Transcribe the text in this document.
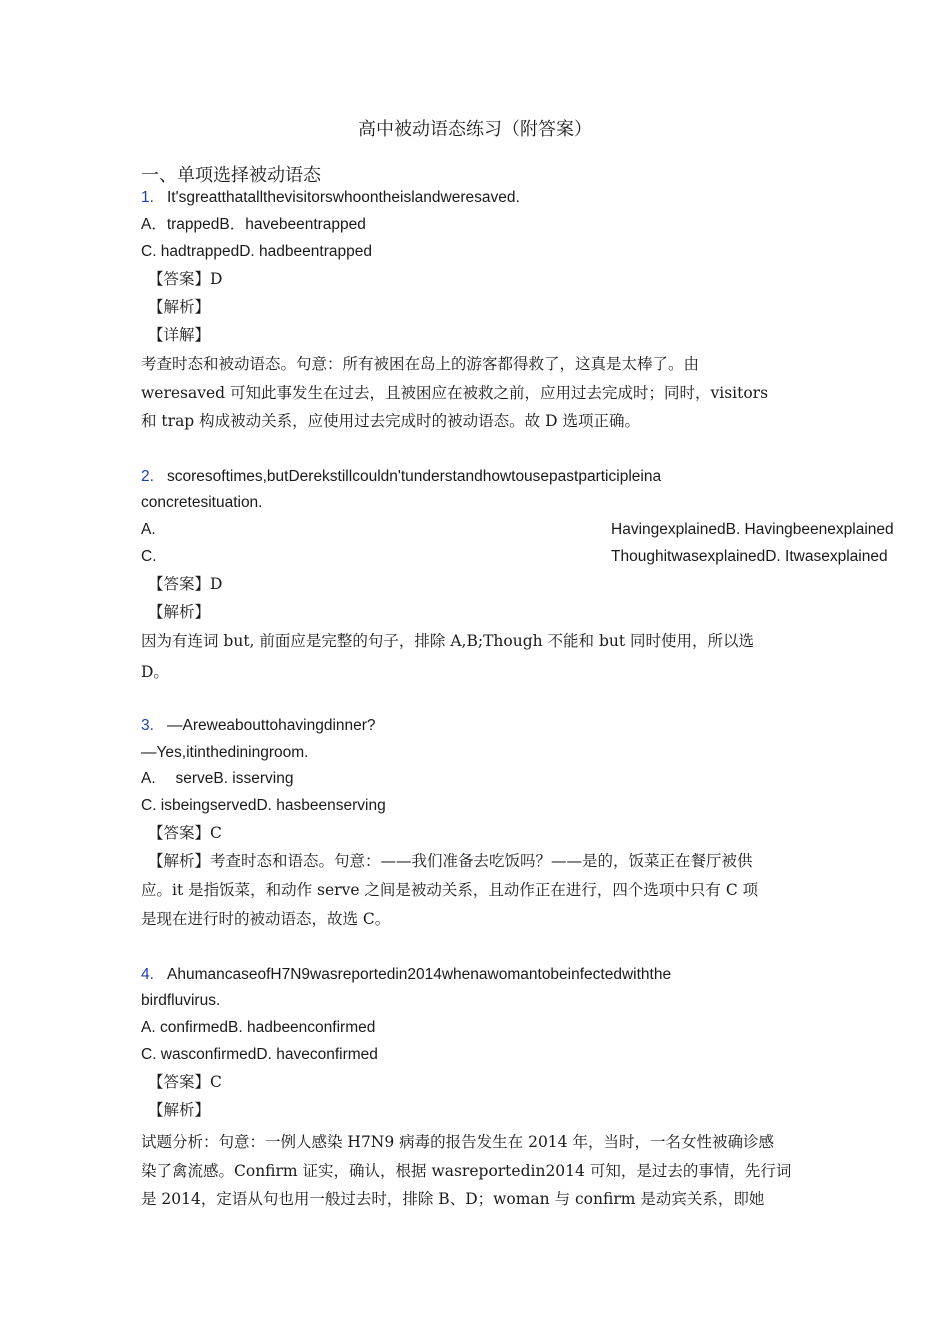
高中被动语态练习（附答案）
一、单项选择被动语态
1. It'sgreatthatallthevisitorswhoontheislandweresaved.
A．trappedB．havebeentrapped
C. hadtrappedD. hadbeentrapped
【答案】D
【解析】
【详解】
考查时态和被动语态。句意：所有被困在岛上的游客都得救了，这真是太棒了。由
weresaved 可知此事发生在过去，且被困应在被救之前，应用过去完成时；同时，visitors
和 trap 构成被动关系，应使用过去完成时的被动语态。故 D 选项正确。
2. scoresoftimes,butDerekstillcouldn'tunderstandhowtousepastparticipleina
concretesituation.
A.	HavingexplainedB. Havingbeenexplained
C.	ThoughitwasexplainedD. Itwasexplained
【答案】D
【解析】
因为有连词 but, 前面应是完整的句子，排除 A,B;Though 不能和 but 同时使用，所以选
D。
3. —Areweabouttohavingdinner?
—Yes,itinthediningroom.
A.　 serveB. isserving
C. isbeingservedD. hasbeenserving
【答案】C
【解析】考查时态和语态。句意：——我们准备去吃饭吗？——是的，饭菜正在餐厅被供
应。it 是指饭菜，和动作 serve 之间是被动关系，且动作正在进行，四个选项中只有 C 项
是现在进行时的被动语态，故选 C。
4. AhumancaseofH7N9wasreportedin2014whenawomantobeinfectedwiththe
birdfluvirus.
A. confirmedB. hadbeenconfirmed
C. wasconfirmedD. haveconfirmed
【答案】C
【解析】
试题分析：句意：一例人感染 H7N9 病毒的报告发生在 2014 年，当时，一名女性被确诊感
染了禽流感。Confirm 证实，确认，根据 wasreportedin2014 可知，是过去的事情，先行词
是 2014，定语从句也用一般过去时，排除 B、D；woman 与 confirm 是动宾关系，即她
